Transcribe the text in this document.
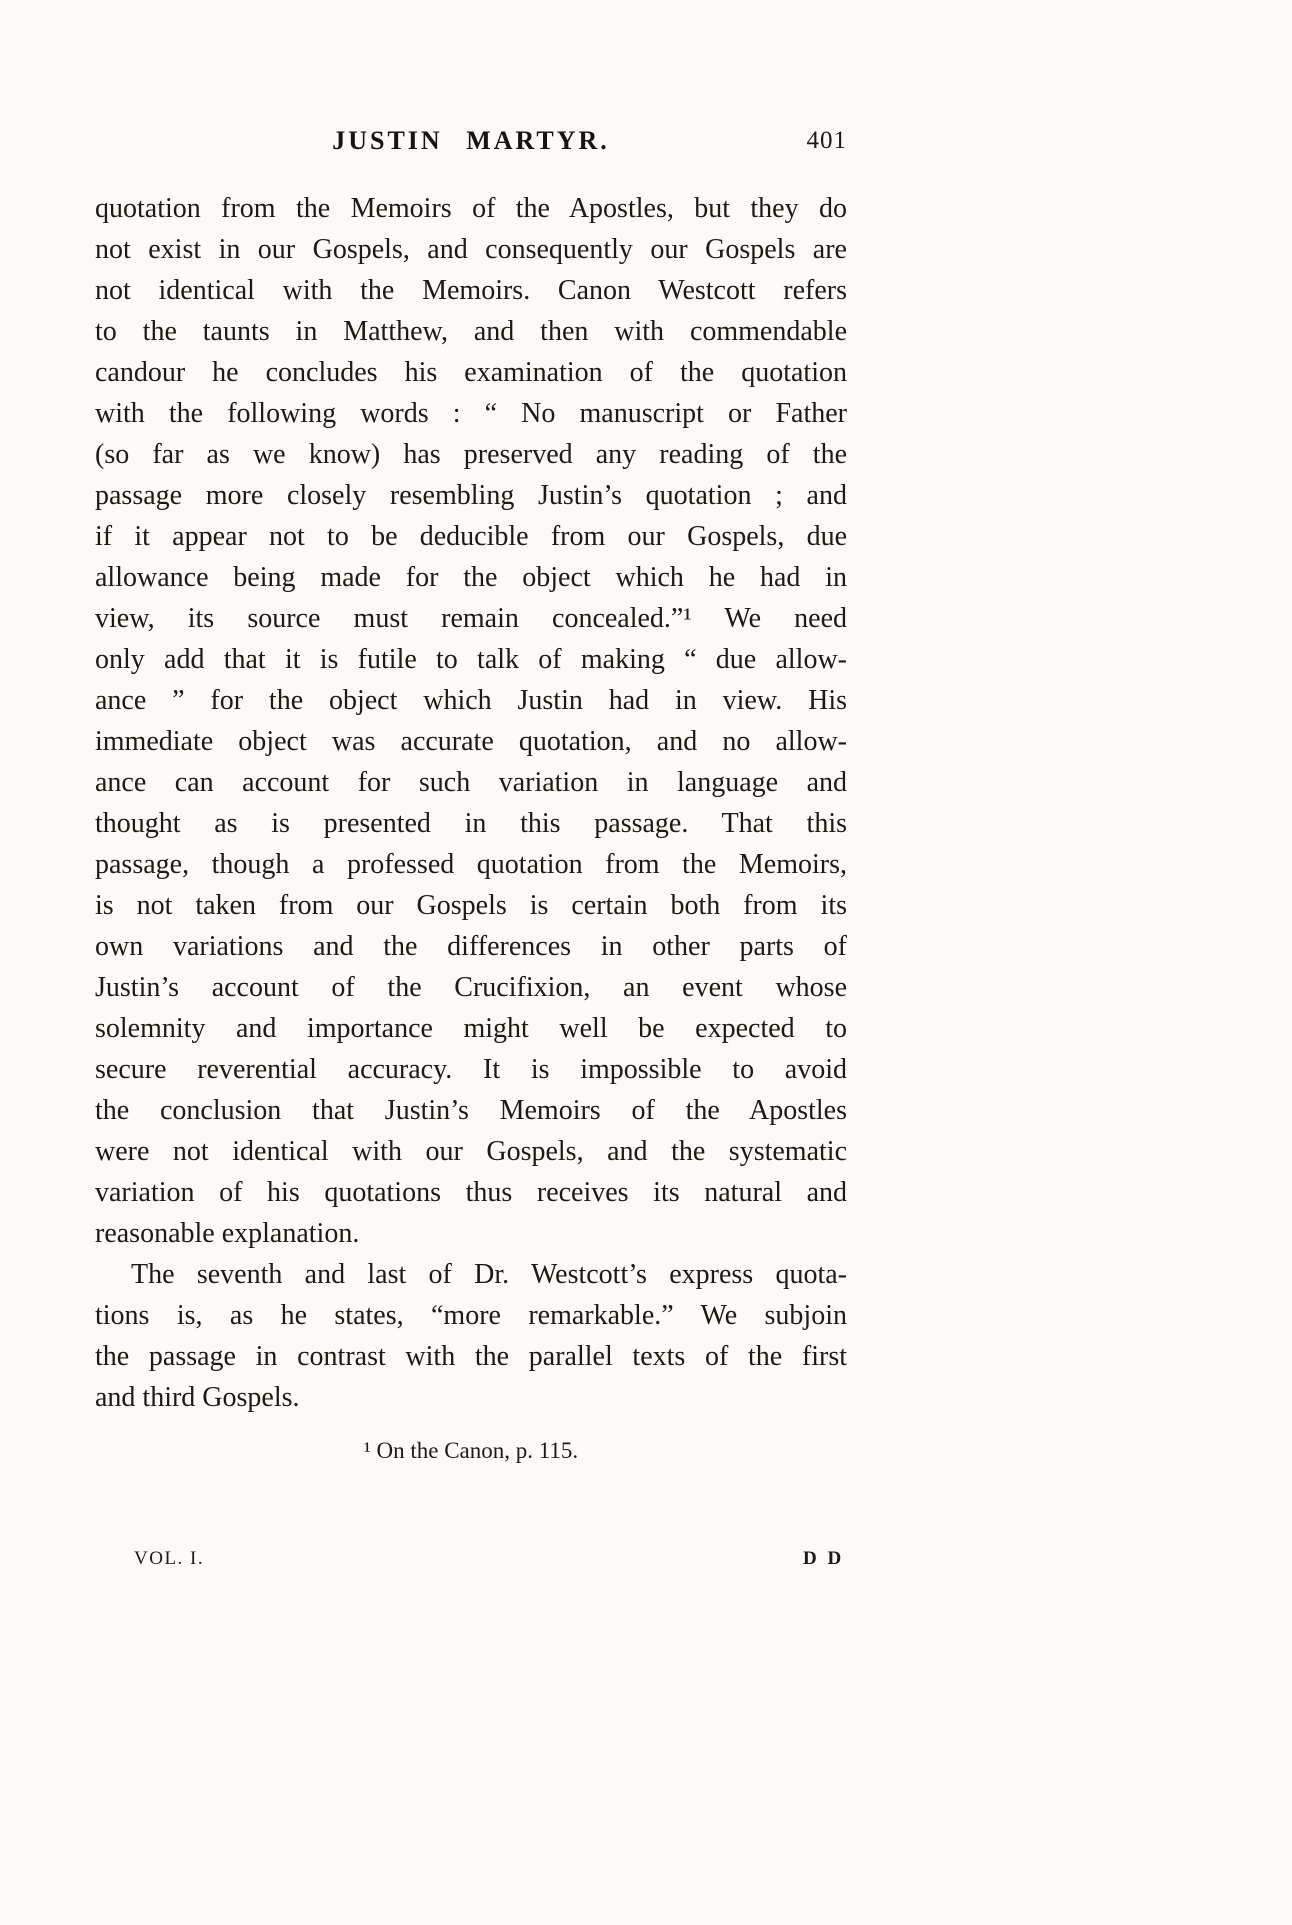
JUSTIN MARTYR.	401
quotation from the Memoirs of the Apostles, but they do
not exist in our Gospels, and consequently our Gospels are
not identical with the Memoirs. Canon Westcott refers
to the taunts in Matthew, and then with commendable
candour he concludes his examination of the quotation
with the following words : “ No manuscript or Father
(so far as we know) has preserved any reading of the
passage more closely resembling Justin’s quotation ; and
if it appear not to be deducible from our Gospels, due
allowance being made for the object which he had in
view, its source must remain concealed.”¹ We need
only add that it is futile to talk of making “ due allow-
ance ” for the object which Justin had in view. His
immediate object was accurate quotation, and no allow-
ance can account for such variation in language and
thought as is presented in this passage. That this
passage, though a professed quotation from the Memoirs,
is not taken from our Gospels is certain both from its
own variations and the differences in other parts of
Justin’s account of the Crucifixion, an event whose
solemnity and importance might well be expected to
secure reverential accuracy. It is impossible to avoid
the conclusion that Justin’s Memoirs of the Apostles
were not identical with our Gospels, and the systematic
variation of his quotations thus receives its natural and
reasonable explanation.
The seventh and last of Dr. Westcott’s express quota-
tions is, as he states, “more remarkable.” We subjoin
the passage in contrast with the parallel texts of the first
and third Gospels.
¹ On the Canon, p. 115.
VOL. I.	D D
